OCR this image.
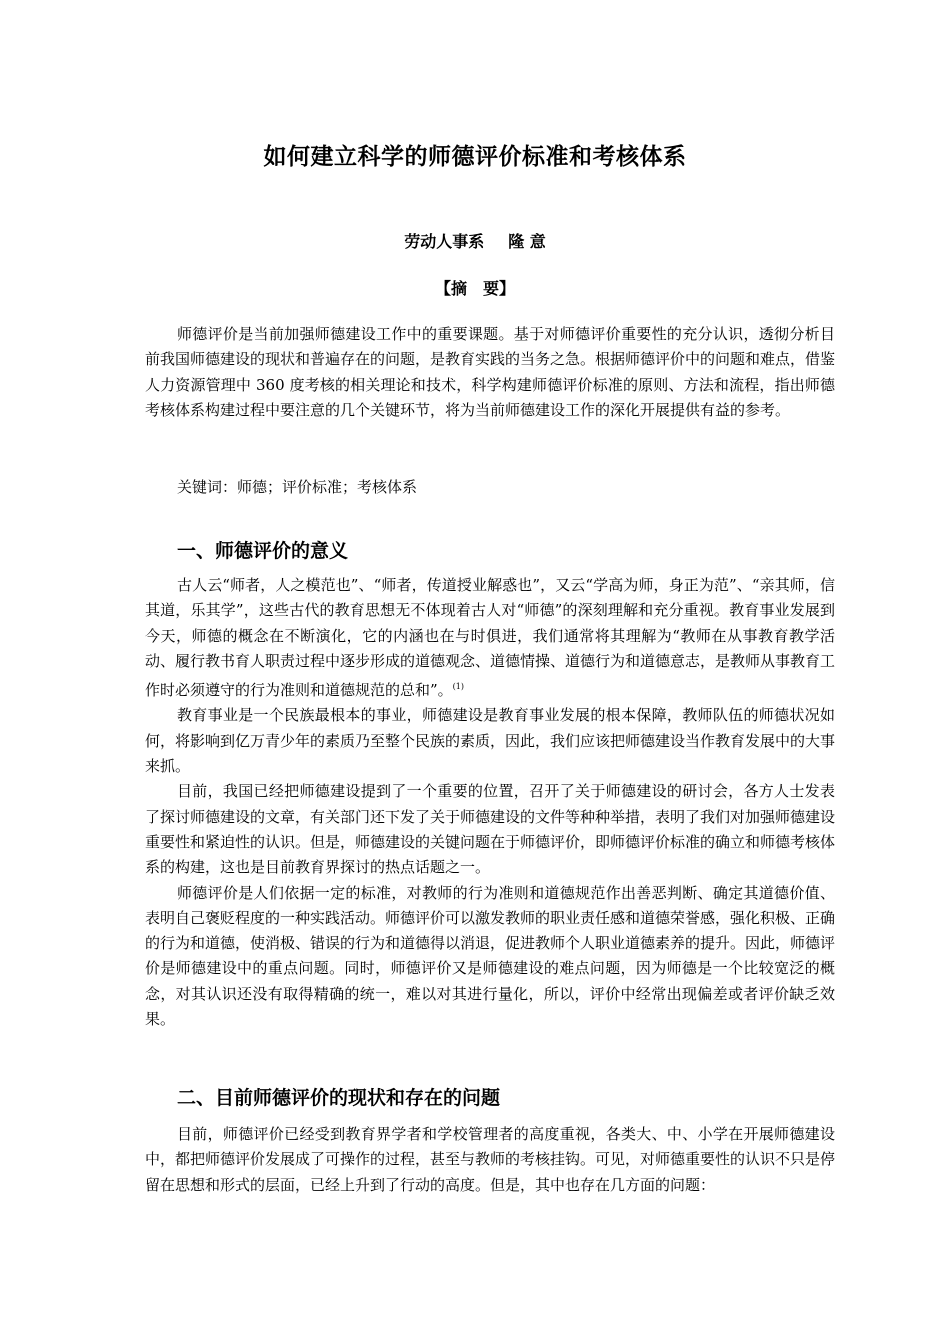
如何建立科学的师德评价标准和考核体系
劳动人事系 隆 意
【摘　要】

师德评价是当前加强师德建设工作中的重要课题。基于对师德评价重要性的充分认识，透彻分析目前我国师德建设的现状和普遍存在的问题，是教育实践的当务之急。根据师德评价中的问题和难点，借鉴人力资源管理中 360 度考核的相关理论和技术，科学构建师德评价标准的原则、方法和流程，指出师德考核体系构建过程中要注意的几个关键环节，将为当前师德建设工作的深化开展提供有益的参考。

关键词：师德；评价标准；考核体系
一、师德评价的意义

古人云“师者，人之模范也”、“师者，传道授业解惑也”，又云“学高为师，身正为范”、“亲其师，信其道，乐其学”，这些古代的教育思想无不体现着古人对“师德”的深刻理解和充分重视。教育事业发展到今天，师德的概念在不断演化，它的内涵也在与时俱进，我们通常将其理解为“教师在从事教育教学活动、履行教书育人职责过程中逐步形成的道德观念、道德情操、道德行为和道德意志，是教师从事教育工作时必须遵守的行为准则和道德规范的总和”。$^{(1)}$

教育事业是一个民族最根本的事业，师德建设是教育事业发展的根本保障，教师队伍的师德状况如何，将影响到亿万青少年的素质乃至整个民族的素质，因此，我们应该把师德建设当作教育发展中的大事来抓。

目前，我国已经把师德建设提到了一个重要的位置，召开了关于师德建设的研讨会，各方人士发表了探讨师德建设的文章，有关部门还下发了关于师德建设的文件等种种举措，表明了我们对加强师德建设重要性和紧迫性的认识。但是，师德建设的关键问题在于师德评价，即师德评价标准的确立和师德考核体系的构建，这也是目前教育界探讨的热点话题之一。

师德评价是人们依据一定的标准，对教师的行为准则和道德规范作出善恶判断、确定其道德价值、表明自己褒贬程度的一种实践活动。师德评价可以激发教师的职业责任感和道德荣誉感，强化积极、正确的行为和道德，使消极、错误的行为和道德得以消退，促进教师个人职业道德素养的提升。因此，师德评价是师德建设中的重点问题。同时，师德评价又是师德建设的难点问题，因为师德是一个比较宽泛的概念，对其认识还没有取得精确的统一，难以对其进行量化，所以，评价中经常出现偏差或者评价缺乏效果。

二、目前师德评价的现状和存在的问题

目前，师德评价已经受到教育界学者和学校管理者的高度重视，各类大、中、小学在开展师德建设中，都把师德评价发展成了可操作的过程，甚至与教师的考核挂钩。可见，对师德重要性的认识不只是停留在思想和形式的层面，已经上升到了行动的高度。但是，其中也存在几方面的问题：
